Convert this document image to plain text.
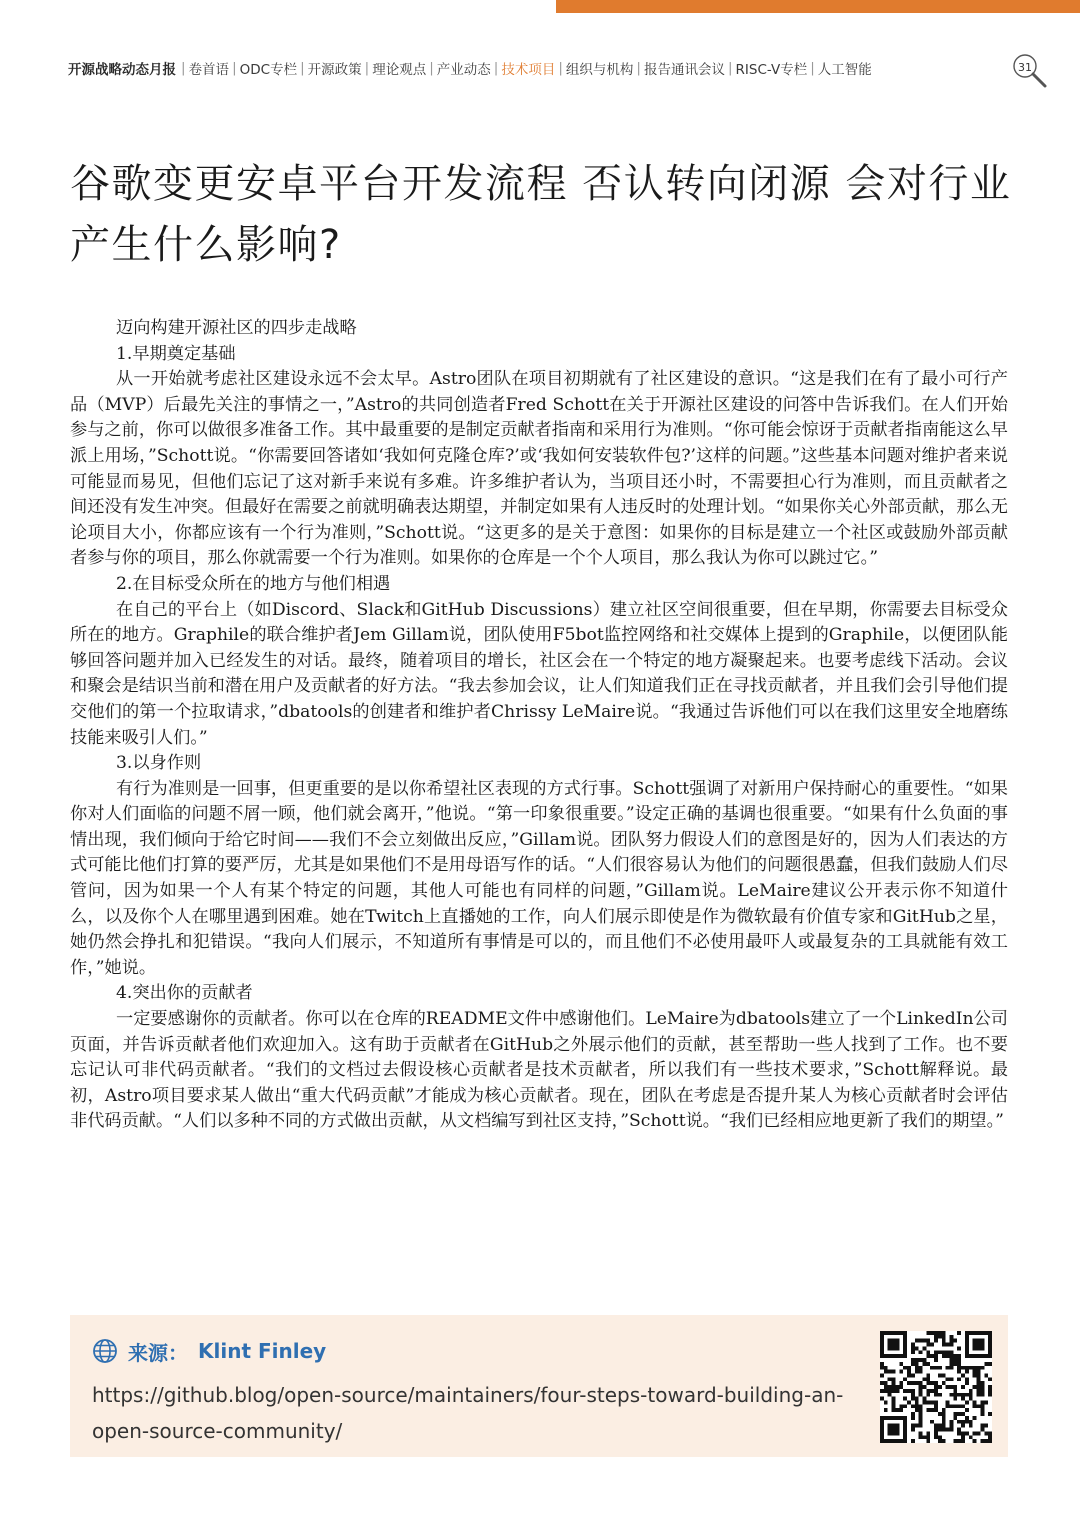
开源战略动态月报 | 卷首语 | ODC专栏 | 开源政策 | 理论观点 | 产业动态 | 技术项目 | 组织与机构 | 报告通讯会议 | RISC-V专栏 | 人工智能	31
谷歌变更安卓平台开发流程 否认转向闭源 会对行业产生什么影响?
迈向构建开源社区的四步走战略
1.早期奠定基础

从一开始就考虑社区建设永远不会太早。Astro团队在项目初期就有了社区建设的意识。“这是我们在有了最小可行产品（MVP）后最先关注的事情之一，”Astro的共同创造者Fred Schott在关于开源社区建设的问答中告诉我们。在人们开始参与之前，你可以做很多准备工作。其中最重要的是制定贡献者指南和采用行为准则。“你可能会惊讶于贡献者指南能这么早派上用场，”Schott说。“你需要回答诸如‘我如何克隆仓库?’或‘我如何安装软件包?’这样的问题。”这些基本问题对维护者来说可能显而易见，但他们忘记了这对新手来说有多难。许多维护者认为，当项目还小时，不需要担心行为准则，而且贡献者之间还没有发生冲突。但最好在需要之前就明确表达期望，并制定如果有人违反时的处理计划。“如果你关心外部贡献，那么无论项目大小，你都应该有一个行为准则，”Schott说。“这更多的是关于意图：如果你的目标是建立一个社区或鼓励外部贡献者参与你的项目，那么你就需要一个行为准则。如果你的仓库是一个个人项目，那么我认为你可以跳过它。”

2.在目标受众所在的地方与他们相遇

在自己的平台上（如Discord、Slack和GitHub Discussions）建立社区空间很重要，但在早期，你需要去目标受众所在的地方。Graphile的联合维护者Jem Gillam说，团队使用F5bot监控网络和社交媒体上提到的Graphile，以便团队能够回答问题并加入已经发生的对话。最终，随着项目的增长，社区会在一个特定的地方凝聚起来。也要考虑线下活动。会议和聚会是结识当前和潜在用户及贡献者的好方法。“我去参加会议，让人们知道我们正在寻找贡献者，并且我们会引导他们提交他们的第一个拉取请求，”dbatools的创建者和维护者Chrissy LeMaire说。“我通过告诉他们可以在我们这里安全地磨练技能来吸引人们。”

3.以身作则

有行为准则是一回事，但更重要的是以你希望社区表现的方式行事。Schott强调了对新用户保持耐心的重要性。“如果你对人们面临的问题不屑一顾，他们就会离开，”他说。“第一印象很重要。”设定正确的基调也很重要。“如果有什么负面的事情出现，我们倾向于给它时间——我们不会立刻做出反应，”Gillam说。团队努力假设人们的意图是好的，因为人们表达的方式可能比他们打算的要严厉，尤其是如果他们不是用母语写作的话。“人们很容易认为他们的问题很愚蠢，但我们鼓励人们尽管问，因为如果一个人有某个特定的问题，其他人可能也有同样的问题，”Gillam说。LeMaire建议公开表示你不知道什么，以及你个人在哪里遇到困难。她在Twitch上直播她的工作，向人们展示即使是作为微软最有价值专家和GitHub之星，她仍然会挣扎和犯错误。“我向人们展示，不知道所有事情是可以的，而且他们不必使用最吓人或最复杂的工具就能有效工作，”她说。

4.突出你的贡献者

一定要感谢你的贡献者。你可以在仓库的README文件中感谢他们。LeMaire为dbatools建立了一个LinkedIn公司页面，并告诉贡献者他们欢迎加入。这有助于贡献者在GitHub之外展示他们的贡献，甚至帮助一些人找到了工作。也不要忘记认可非代码贡献者。“我们的文档过去假设核心贡献者是技术贡献者，所以我们有一些技术要求，”Schott解释说。最初，Astro项目要求某人做出“重大代码贡献”才能成为核心贡献者。现在，团队在考虑是否提升某人为核心贡献者时会评估非代码贡献。“人们以多种不同的方式做出贡献，从文档编写到社区支持，”Schott说。“我们已经相应地更新了我们的期望。”

来源： Klint Finley
https://github.blog/open-source/maintainers/four-steps-toward-building-an-open-source-community/
